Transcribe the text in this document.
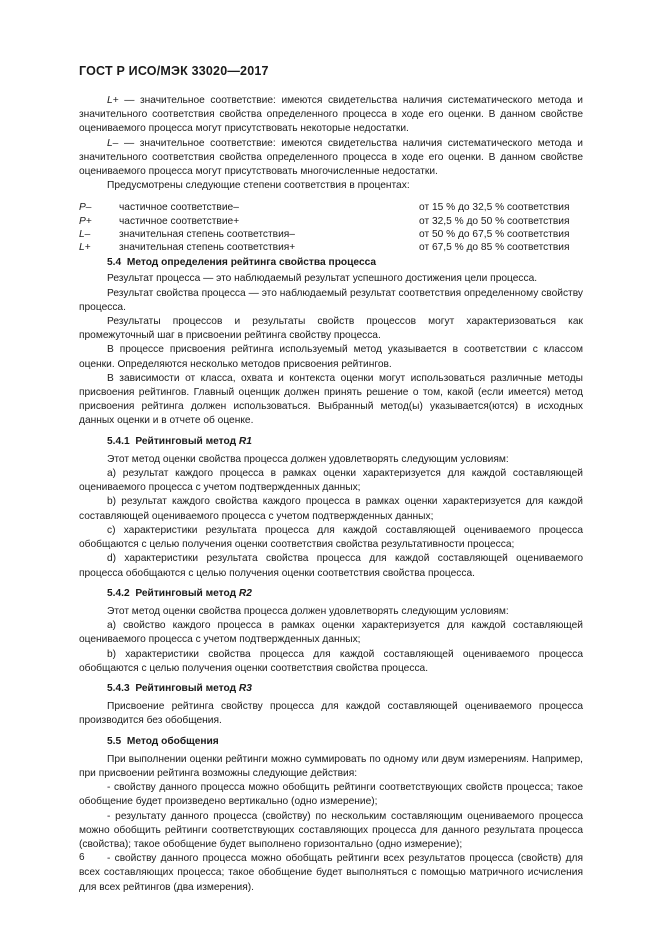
ГОСТ Р ИСО/МЭК 33020—2017

L+ — значительное соответствие: имеются свидетельства наличия систематического метода и значительного соответствия свойства определенного процесса в ходе его оценки. В данном свойстве оцениваемого процесса могут присутствовать некоторые недостатки.

L– — значительное соответствие: имеются свидетельства наличия систематического метода и значительного соответствия свойства определенного процесса в ходе его оценки. В данном свойстве оцениваемого процесса могут присутствовать многочисленные недостатки.

Предусмотрены следующие степени соответствия в процентах:

P–	частичное соответствие–	от 15 % до 32,5 % соответствия
P+	частичное соответствие+	от 32,5 % до 50 % соответствия
L–	значительная степень соответствия–	от 50 % до 67,5 % соответствия
L+	значительная степень соответствия+	от 67,5 % до 85 % соответствия

5.4 Метод определения рейтинга свойства процесса

Результат процесса — это наблюдаемый результат успешного достижения цели процесса.

Результат свойства процесса — это наблюдаемый результат соответствия определенному свойству процесса.

Результаты процессов и результаты свойств процессов могут характеризоваться как промежуточный шаг в присвоении рейтинга свойству процесса.

В процессе присвоения рейтинга используемый метод указывается в соответствии с классом оценки. Определяются несколько методов присвоения рейтингов.

В зависимости от класса, охвата и контекста оценки могут использоваться различные методы присвоения рейтингов. Главный оценщик должен принять решение о том, какой (если имеется) метод присвоения рейтинга должен использоваться. Выбранный метод(ы) указывается(ются) в исходных данных оценки и в отчете об оценке.

5.4.1 Рейтинговый метод R1

Этот метод оценки свойства процесса должен удовлетворять следующим условиям:

a) результат каждого процесса в рамках оценки характеризуется для каждой составляющей оцениваемого процесса с учетом подтвержденных данных;

b) результат каждого свойства каждого процесса в рамках оценки характеризуется для каждой составляющей оцениваемого процесса с учетом подтвержденных данных;

c) характеристики результата процесса для каждой составляющей оцениваемого процесса обобщаются с целью получения оценки соответствия свойства результативности процесса;

d) характеристики результата свойства процесса для каждой составляющей оцениваемого процесса обобщаются с целью получения оценки соответствия свойства процесса.

5.4.2 Рейтинговый метод R2

Этот метод оценки свойства процесса должен удовлетворять следующим условиям:

a) свойство каждого процесса в рамках оценки характеризуется для каждой составляющей оцениваемого процесса с учетом подтвержденных данных;

b) характеристики свойства процесса для каждой составляющей оцениваемого процесса обобщаются с целью получения оценки соответствия свойства процесса.

5.4.3 Рейтинговый метод R3

Присвоение рейтинга свойству процесса для каждой составляющей оцениваемого процесса производится без обобщения.

5.5 Метод обобщения

При выполнении оценки рейтинги можно суммировать по одному или двум измерениям. Например, при присвоении рейтинга возможны следующие действия:

- свойству данного процесса можно обобщить рейтинги соответствующих свойств процесса; такое обобщение будет произведено вертикально (одно измерение);

- результату данного процесса (свойству) по нескольким составляющим оцениваемого процесса можно обобщить рейтинги соответствующих составляющих процесса для данного результата процесса (свойства); такое обобщение будет выполнено горизонтально (одно измерение);

- свойству данного процесса можно обобщать рейтинги всех результатов процесса (свойств) для всех составляющих процесса; такое обобщение будет выполняться с помощью матричного исчисления для всех рейтингов (два измерения).

6
